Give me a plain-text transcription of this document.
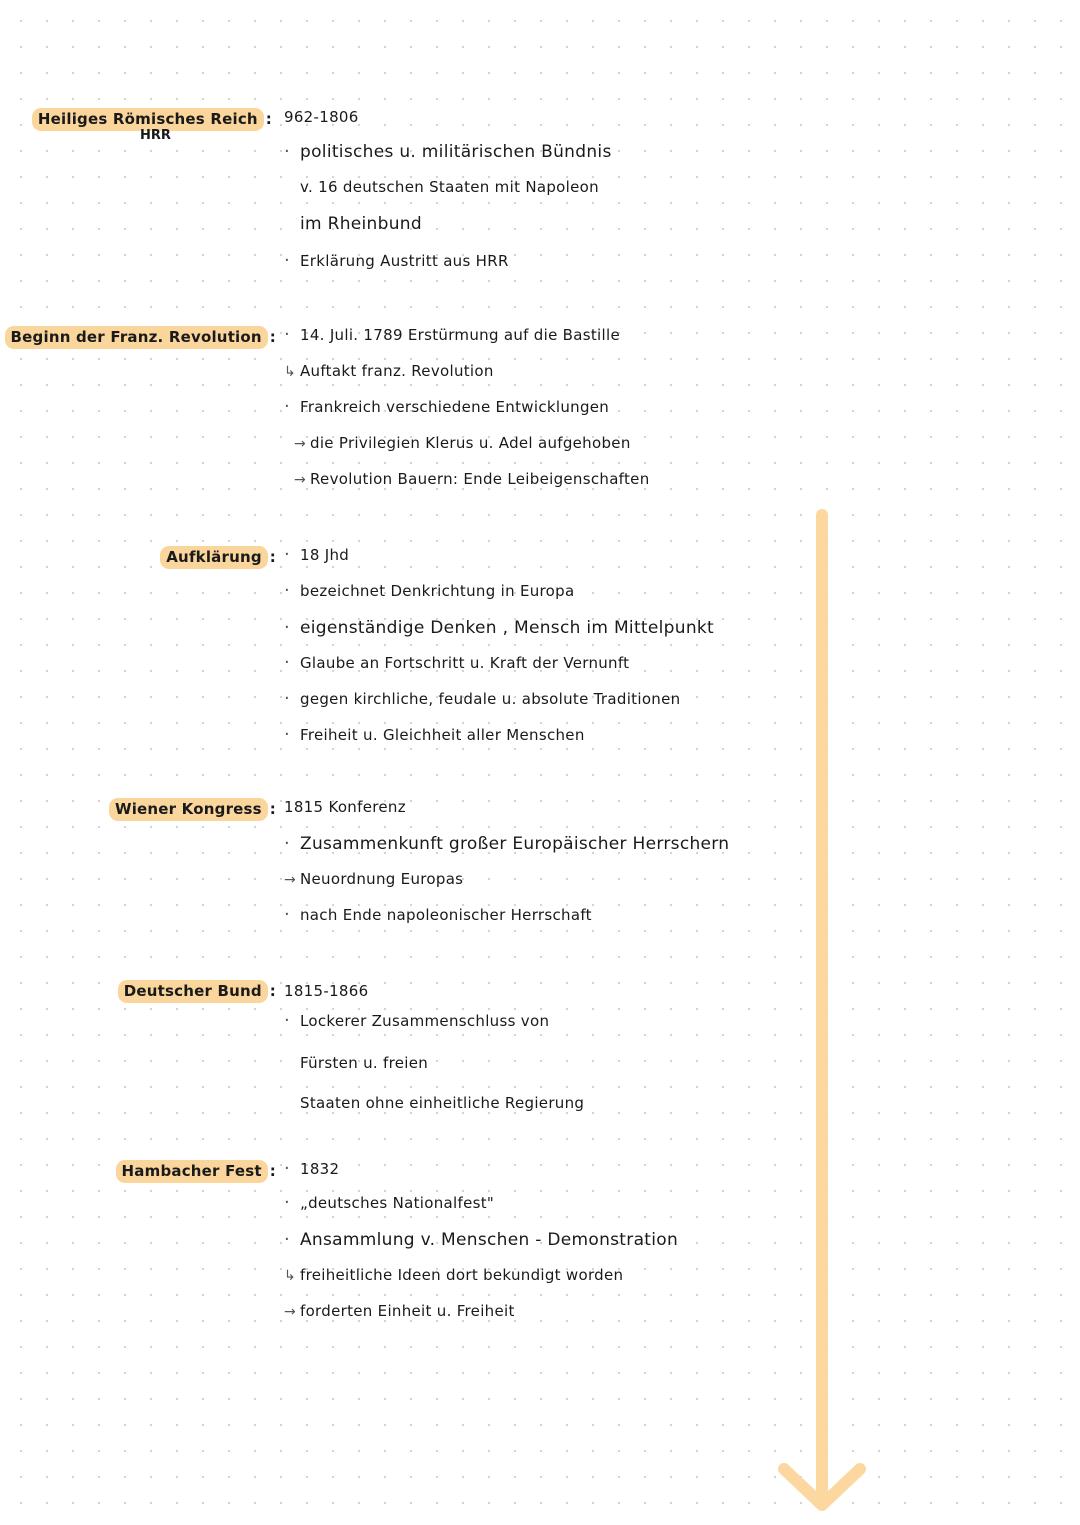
Heiliges Römisches Reich :
HRR
962-1806
·
politisches u. militärischen Bündnis
v. 16 deutschen Staaten mit Napoleon
im Rheinbund
·
Erklärung Austritt aus HRR
Beginn der Franz. Revolution : · 14. Juli. 1789 Erstürmung auf die Bastille
↳
Auftakt franz. Revolution
·
Frankreich verschiedene Entwicklungen
→
die Privilegien Klerus u. Adel aufgehoben
→
Revolution Bauern: Ende Leibeigenschaften
Aufklärung : · 18 Jhd
·
bezeichnet Denkrichtung in Europa
·
eigenständige Denken , Mensch im Mittelpunkt
·
Glaube an Fortschritt u. Kraft der Vernunft
·
gegen kirchliche, feudale u. absolute Traditionen
·
Freiheit u. Gleichheit aller Menschen
Wiener Kongress : 1815 Konferenz
·
Zusammenkunft großer Europäischer Herrschern
→
Neuordnung Europas
·
nach Ende napoleonischer Herrschaft
Deutscher Bund : 1815-1866
·
Lockerer Zusammenschluss von
Fürsten u. freien
Staaten ohne einheitliche Regierung
Hambacher Fest : · 1832
·
„deutsches Nationalfest"
·
Ansammlung v. Menschen - Demonstration
↳
freiheitliche Ideen dort bekundigt worden
→
forderten Einheit u. Freiheit
